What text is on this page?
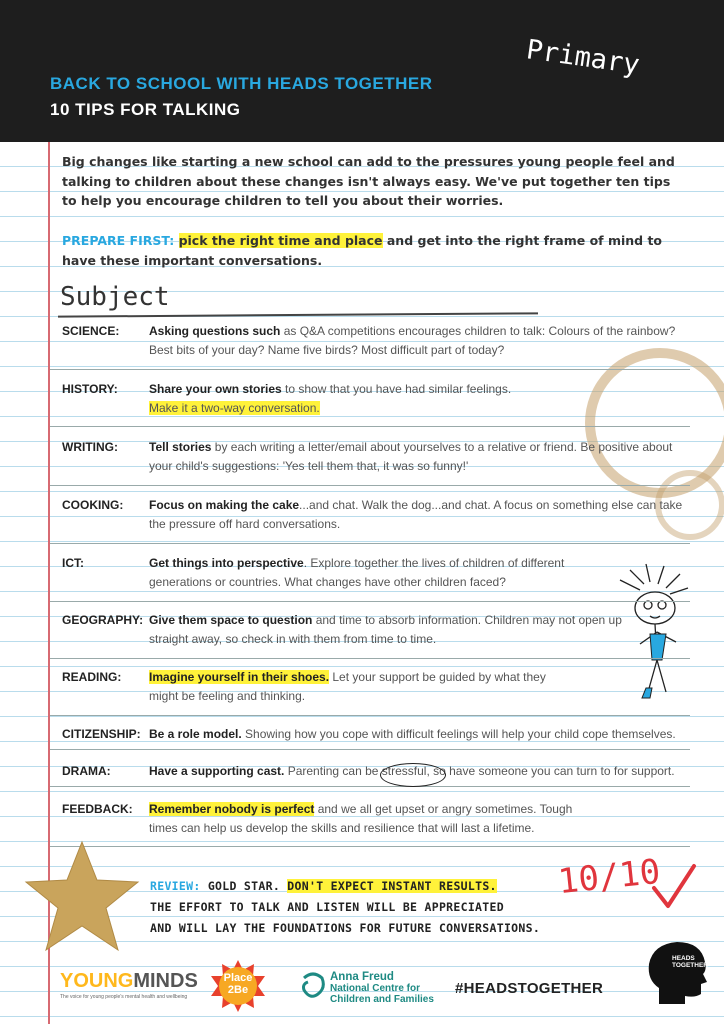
BACK TO SCHOOL WITH HEADS TOGETHER
10 TIPS FOR TALKING
Primary

Big changes like starting a new school can add to the pressures young people feel and talking to children about these changes isn't always easy. We've put together ten tips to help you encourage children to tell you about their worries.

PREPARE FIRST: pick the right time and place and get into the right frame of mind to have these important conversations.

Subject
SCIENCE: Asking questions such as Q&A competitions encourages children to talk: Colours of the rainbow? Best bits of your day? Name five birds? Most difficult part of today?
HISTORY:	Share your own stories to show that you have had similar feelings.
Make it a two-way conversation.
WRITING:	Tell stories by each writing a letter/email about yourselves to a relative or friend. Be positive about your child's suggestions: 'Yes tell them that, it was so funny!'
COOKING: Focus on making the cake...and chat. Walk the dog...and chat. A focus on something else can take the pressure off hard conversations.
ICT:	Get things into perspective. Explore together the lives of children of different generations or countries. What changes have other children faced?
GEOGRAPHY: Give them space to question and time to absorb information. Children may not open up straight away, so check in with them from time to time.
READING: Imagine yourself in their shoes. Let your support be guided by what they might be feeling and thinking.
CITIZENSHIP: Be a role model. Showing how you cope with difficult feelings will help your child cope themselves.
DRAMA:	Have a supporting cast. Parenting can be stressful, so have someone you can turn to for support.
FEEDBACK: Remember nobody is perfect and we all get upset or angry sometimes. Tough times can help us develop the skills and resilience that will last a lifetime.

REVIEW: GOLD STAR. DON'T EXPECT INSTANT RESULTS.
THE EFFORT TO TALK AND LISTEN WILL BE APPRECIATED
AND WILL LAY THE FOUNDATIONS FOR FUTURE CONVERSATIONS.

10/10
YOUNGMINDS
The voice for young people's mental health and wellbeing
Place
2Be
Anna Freud
National Centre for
Children and Families
#HEADSTOGETHER
HEADS
TOGETHER
